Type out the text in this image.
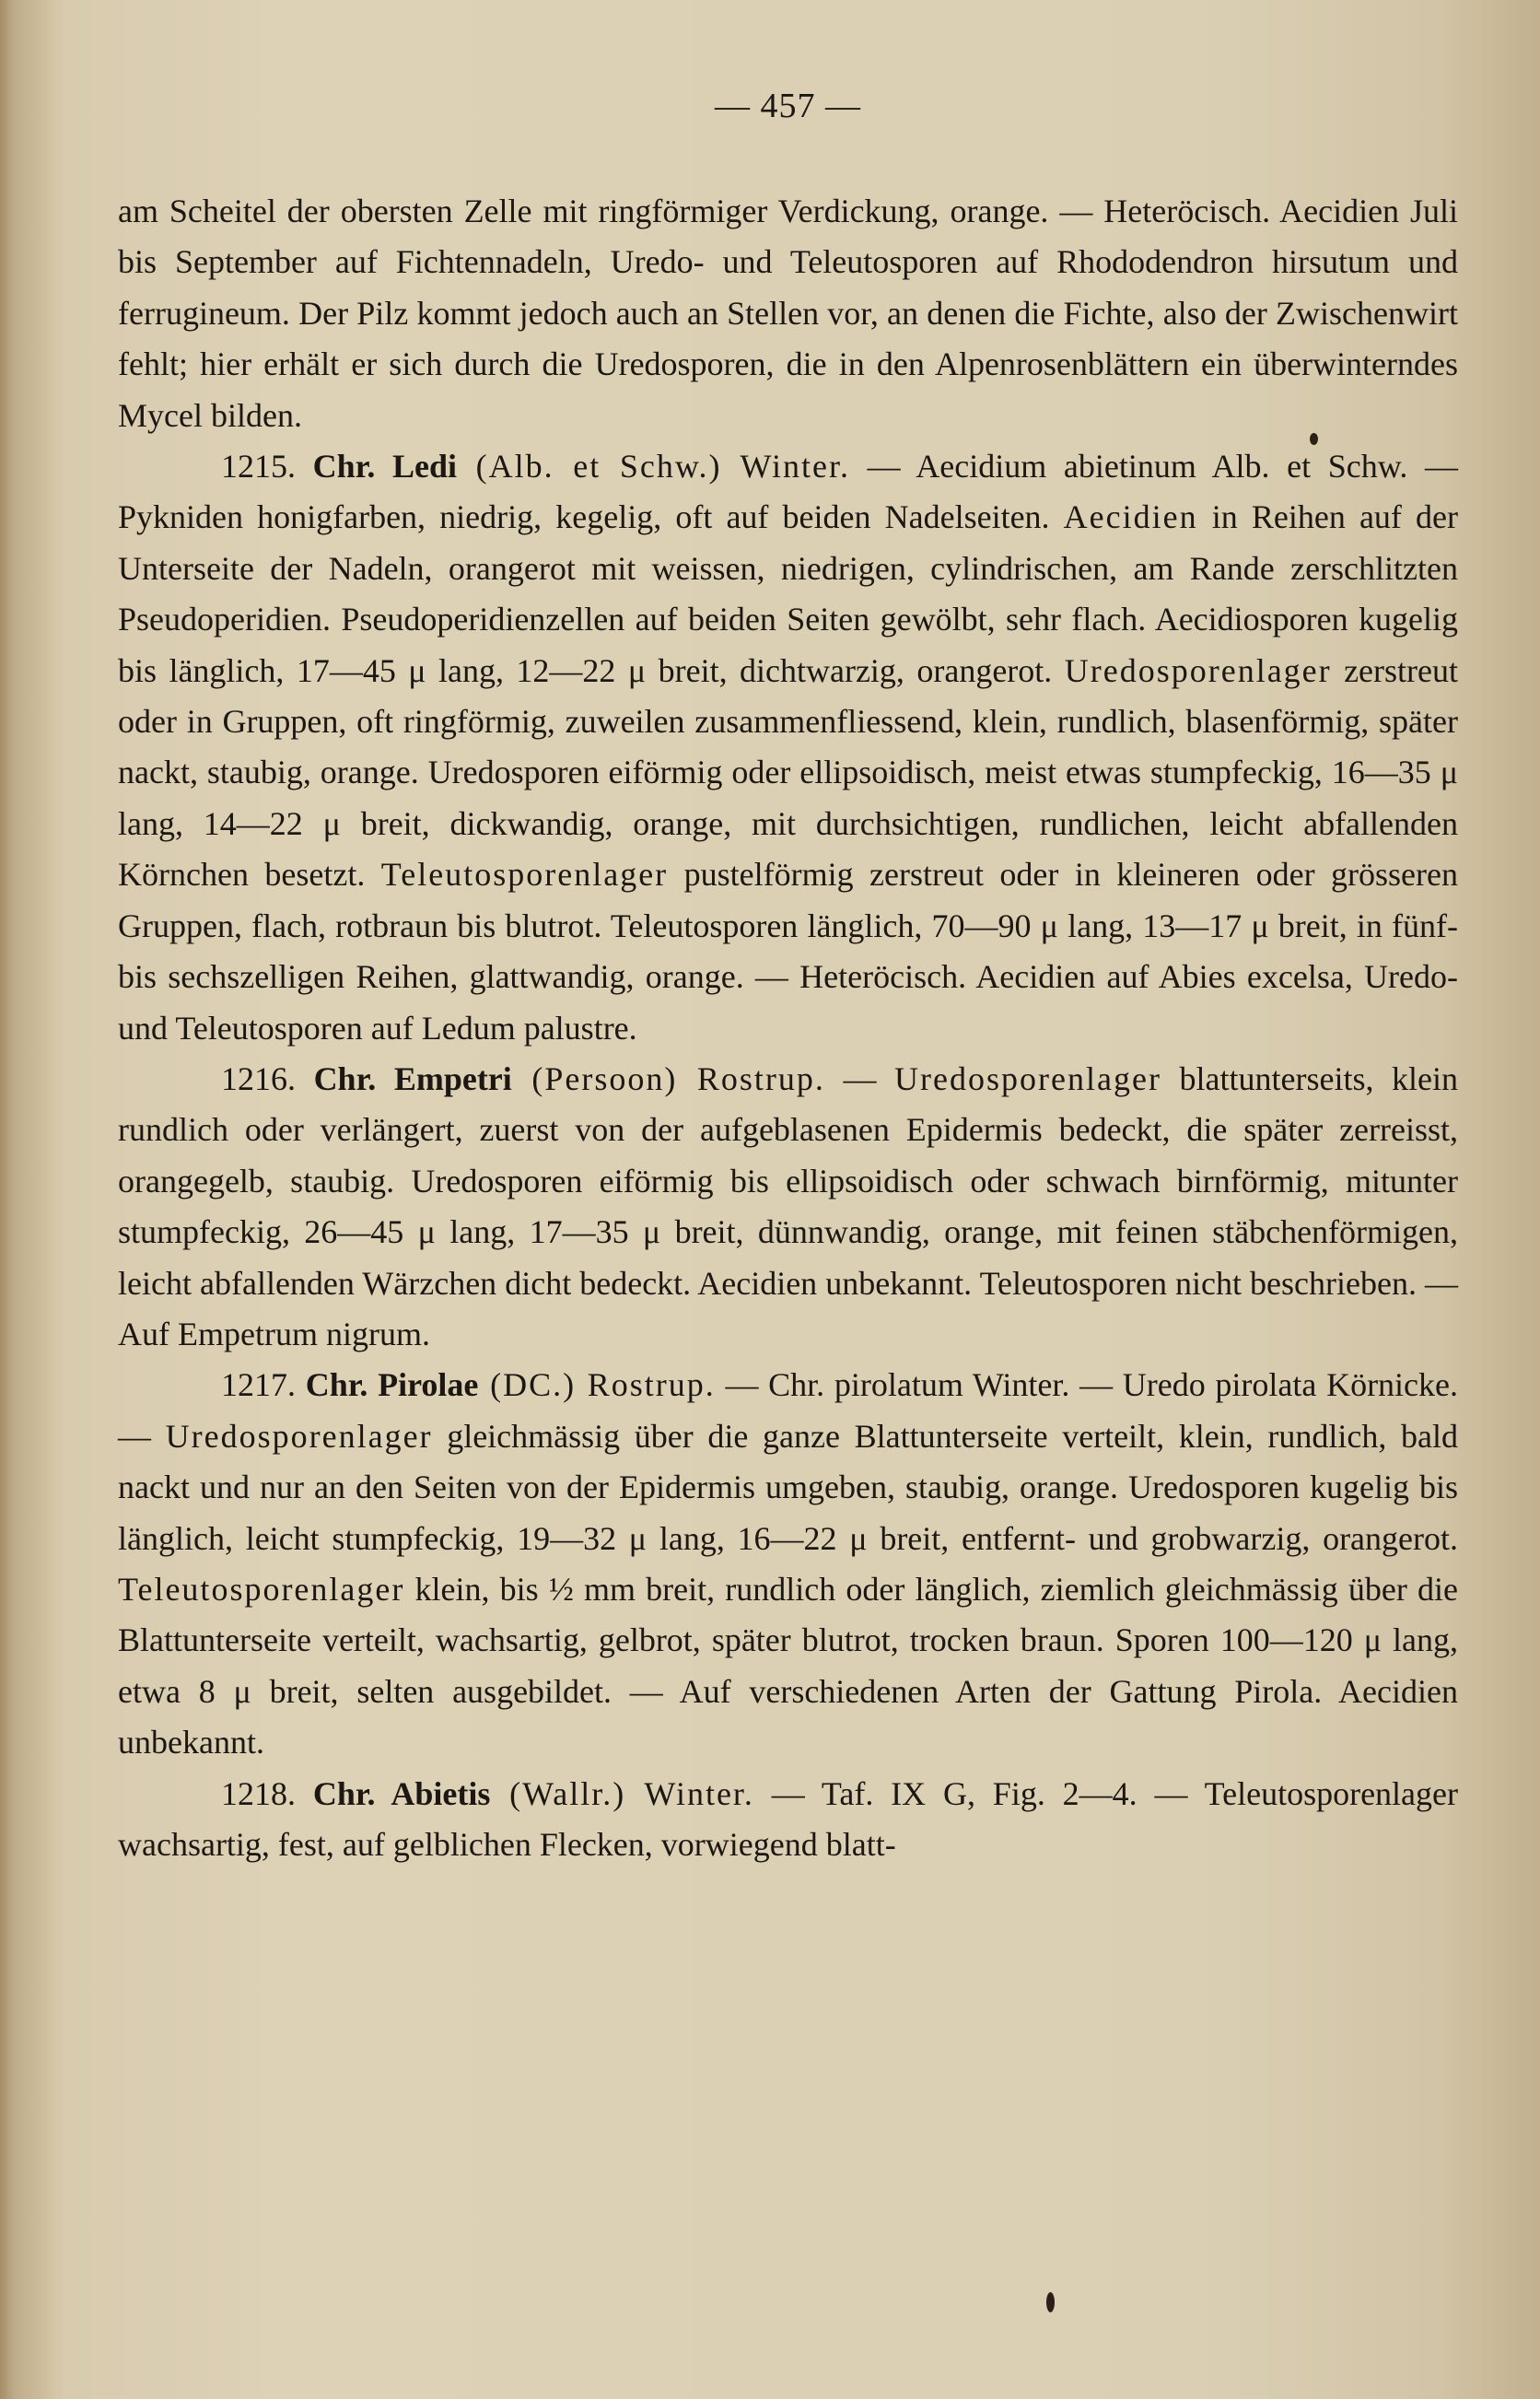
— 457 —

am Scheitel der obersten Zelle mit ringförmiger Verdickung, orange. — Heteröcisch. Aecidien Juli bis September auf Fichtennadeln, Uredo- und Teleutosporen auf Rhododendron hirsutum und ferrugineum. Der Pilz kommt jedoch auch an Stellen vor, an denen die Fichte, also der Zwischenwirt fehlt; hier erhält er sich durch die Uredosporen, die in den Alpenrosenblättern ein überwinterndes Mycel bilden.

1215. Chr. Ledi (Alb. et Schw.) Winter. — Aecidium abietinum Alb. et Schw. — Pykniden honigfarben, niedrig, kegelig, oft auf beiden Nadelseiten. Aecidien in Reihen auf der Unterseite der Nadeln, orangerot mit weissen, niedrigen, cylindrischen, am Rande zerschlitzten Pseudoperidien. Pseudoperidienzellen auf beiden Seiten gewölbt, sehr flach. Aecidiosporen kugelig bis länglich, 17—45 μ lang, 12—22 μ breit, dichtwarzig, orangerot. Uredosporenlager zerstreut oder in Gruppen, oft ringförmig, zuweilen zusammenfliessend, klein, rundlich, blasenförmig, später nackt, staubig, orange. Uredosporen eiförmig oder ellipsoidisch, meist etwas stumpfeckig, 16—35 μ lang, 14—22 μ breit, dickwandig, orange, mit durchsichtigen, rundlichen, leicht abfallenden Körnchen besetzt. Teleutosporenlager pustelförmig zerstreut oder in kleineren oder grösseren Gruppen, flach, rotbraun bis blutrot. Teleutosporen länglich, 70—90 μ lang, 13—17 μ breit, in fünf- bis sechszelligen Reihen, glattwandig, orange. — Heteröcisch. Aecidien auf Abies excelsa, Uredo- und Teleutosporen auf Ledum palustre.

1216. Chr. Empetri (Persoon) Rostrup. — Uredosporenlager blattunterseits, klein rundlich oder verlängert, zuerst von der aufgeblasenen Epidermis bedeckt, die später zerreisst, orangegelb, staubig. Uredosporen eiförmig bis ellipsoidisch oder schwach birnförmig, mitunter stumpfeckig, 26—45 μ lang, 17—35 μ breit, dünnwandig, orange, mit feinen stäbchenförmigen, leicht abfallenden Wärzchen dicht bedeckt. Aecidien unbekannt. Teleutosporen nicht beschrieben. — Auf Empetrum nigrum.

1217. Chr. Pirolae (DC.) Rostrup. — Chr. pirolatum Winter. — Uredo pirolata Körnicke. — Uredosporenlager gleichmässig über die ganze Blattunterseite verteilt, klein, rundlich, bald nackt und nur an den Seiten von der Epidermis umgeben, staubig, orange. Uredosporen kugelig bis länglich, leicht stumpfeckig, 19—32 μ lang, 16—22 μ breit, entfernt- und grobwarzig, orangerot. Teleutosporenlager klein, bis ½ mm breit, rundlich oder länglich, ziemlich gleichmässig über die Blattunterseite verteilt, wachsartig, gelbrot, später blutrot, trocken braun. Sporen 100—120 μ lang, etwa 8 μ breit, selten ausgebildet. — Auf verschiedenen Arten der Gattung Pirola. Aecidien unbekannt.

1218. Chr. Abietis (Wallr.) Winter. — Taf. IX G, Fig. 2—4. — Teleutosporenlager wachsartig, fest, auf gelblichen Flecken, vorwiegend blatt-
